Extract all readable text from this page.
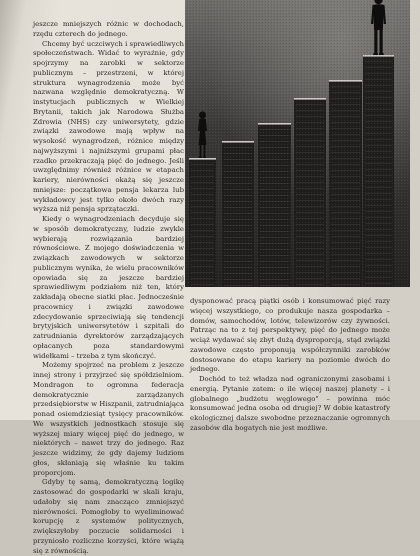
jeszcze mniejszych różnic w dochodach, rzędu czterech do jednego.

Chcemy być uczciwych i sprawiedliwych społeczeństwach. Widać to wyraźnie, gdy spojrzymy na zarobki w sektorze publicznym – przestrzeni, w której struktura wynagrodzenia może być nazwana względnie demokratyczną. W instytucjach publicznych w Wielkiej Brytanii, takich jak Narodowa Służba Zdrowia (NHS) czy uniwersytety, gdzie związki zawodowe mają wpływ na wysokość wynagrodzeń, różnice między najwyższymi i najniższymi grupami płac rzadko przekraczają pięć do jednego. Jeśli uwzględnimy również różnice w etapach kariery, nierówności okażą się jeszcze mniejsze: początkowa pensja lekarza lub wykładowcy jest tylko około dwóch razy wyższa niż pensja sprzątaczki.

Kiedy o wynagrodzeniach decyduje się w sposób demokratyczny, ludzie zwykle wybierają rozwiązania bardziej równościowe. Z mojego doświadczenia w związkach zawodowych w sektorze publicznym wynika, że wielu pracowników opowiada się za jeszcze bardziej sprawiedliwym podziałem niż ten, który zakładają obecne siatki płac. Jednocześnie pracownicy i związki zawodowe zdecydowanie sprzeciwiają się tendencji brytyjskich uniwersytetów i szpitali do zatrudniania dyrektorów zarządzających opłacanych poza standardowymi widełkami – trzeba z tym skończyć.

Możemy spojrzeć na problem z jeszcze innej strony i przyjrzeć się spółdzielniom. Mondragon to ogromna federacja demokratycznie zarządzanych przedsiębiorstw w Hiszpanii, zatrudniająca ponad osiemdziesiąt tysięcy pracowników. We wszystkich jednostkach stosuje się wyższej miary więcej pięć do jednego, w niektórych – nawet trzy do jednego. Raz jeszcze widzimy, że gdy dajemy ludziom głos, skłaniają się właśnie ku takim proporcjom.

Gdyby tę samą, demokratyczną logikę zastosować do gospodarki w skali kraju, udałoby się nam znacząco zmniejszyć nierówności. Pomogłoby to wyeliminować korupcję z systemów politycznych, zwiększyłoby poczucie solidarności i przyniosło rozliczne korzyści, które wiążą się z równością.

dysponować pracą piątki osób i konsumować pięć razy więcej wszystkiego, co produkuje nasza gospodarka – domów, samochodów, lotów, telewizorów czy żywności. Patrząc na to z tej perspektywy, pięć do jednego może wciąż wydawać się zbyt dużą dysproporcją, stąd związki zawodowe często proponują współczynniki zarobków dostosowane do etapu kariery na poziomie dwóch do jednego.

Dochód to też władza nad ograniczonymi zasobami i energią. Pytanie zatem: o ile więcej naszej planety – i globalnego „budżetu węglowego" – powinna móc konsumować jedna osoba od drugiej? W dobie katastrofy ekologicznej dalsze swobodne przeznaczanie ogromnych zasobów dla bogatych nie jest możliwe.
